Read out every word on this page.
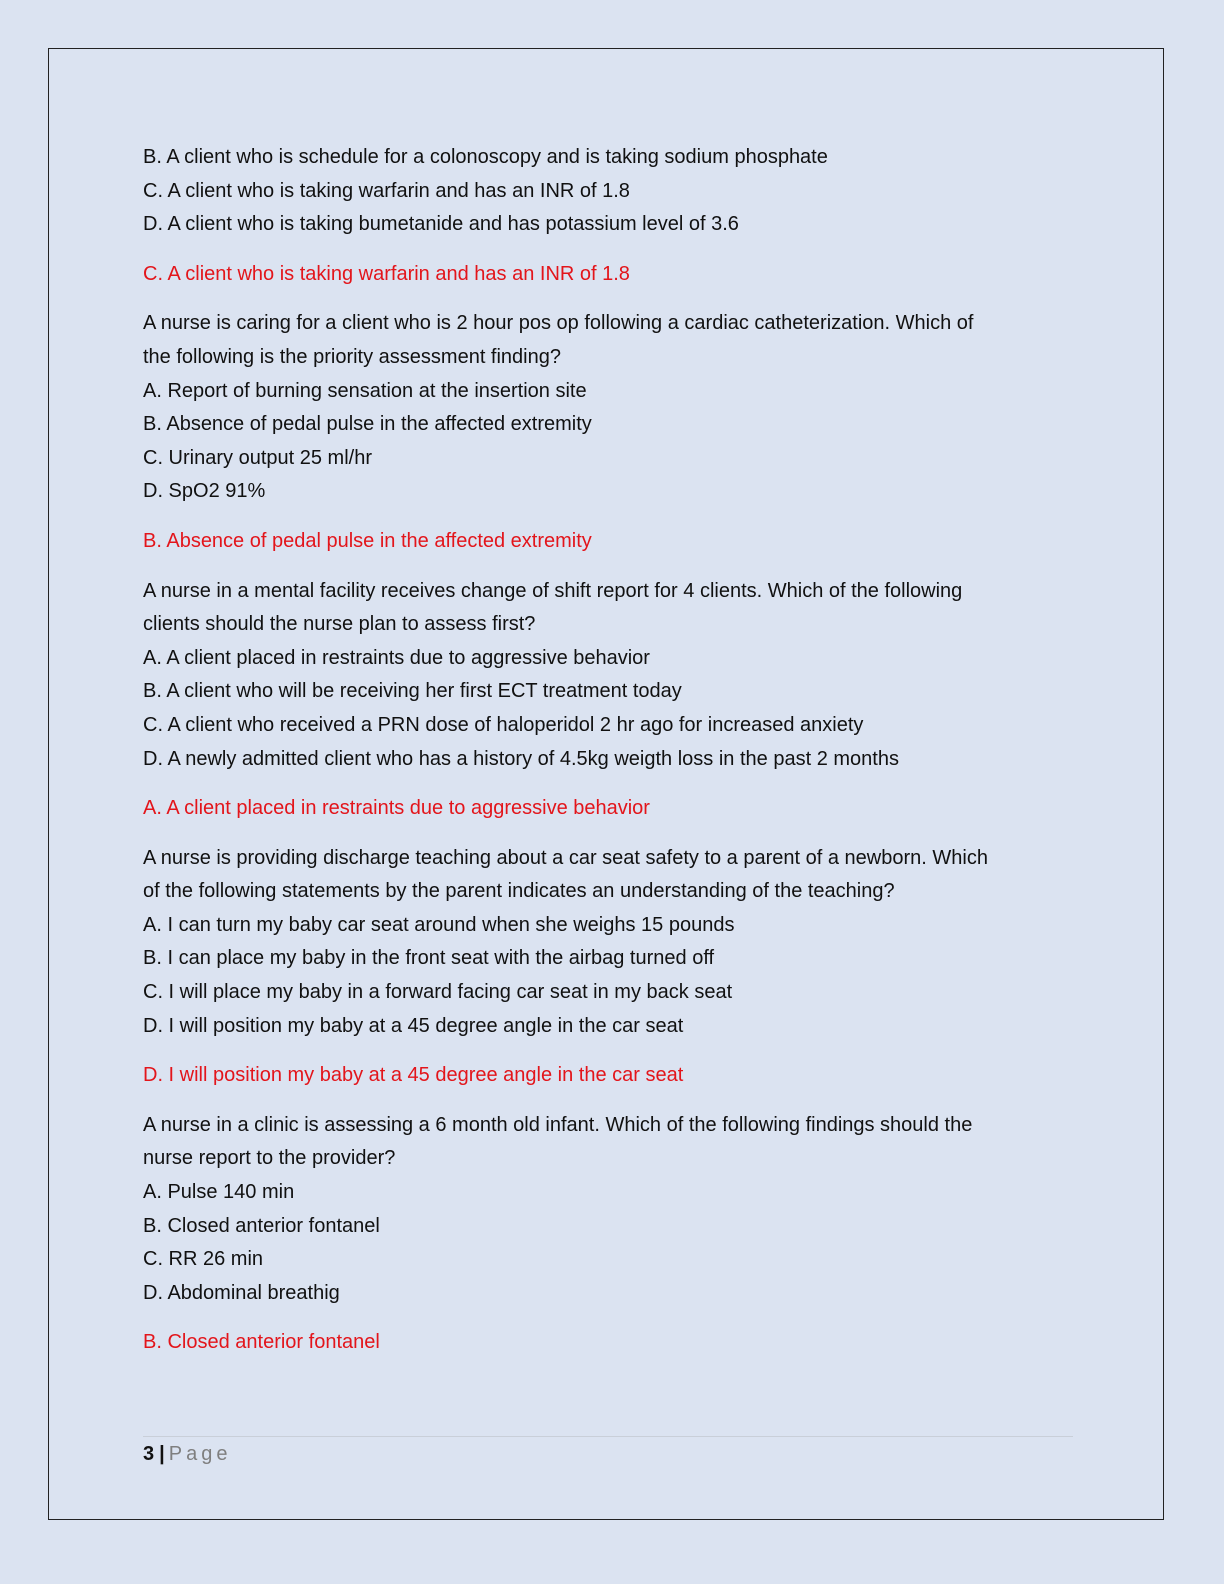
B. A client who is schedule for a colonoscopy and is taking sodium phosphate

C. A client who is taking warfarin and has an INR of 1.8

D. A client who is taking bumetanide and has potassium level of 3.6

C. A client who is taking warfarin and has an INR of 1.8

A nurse is caring for a client who is 2 hour pos op following a cardiac catheterization. Which of

the following is the priority assessment finding?

A. Report of burning sensation at the insertion site

B. Absence of pedal pulse in the affected extremity

C. Urinary output 25 ml/hr

D. SpO2 91%

B. Absence of pedal pulse in the affected extremity

A nurse in a mental facility receives change of shift report for 4 clients. Which of the following

clients should the nurse plan to assess first?

A. A client placed in restraints due to aggressive behavior

B. A client who will be receiving her first ECT treatment today

C. A client who received a PRN dose of haloperidol 2 hr ago for increased anxiety

D. A newly admitted client who has a history of 4.5kg weigth loss in the past 2 months

A. A client placed in restraints due to aggressive behavior

A nurse is providing discharge teaching about a car seat safety to a parent of a newborn. Which

of the following statements by the parent indicates an understanding of the teaching?

A. I can turn my baby car seat around when she weighs 15 pounds

B. I can place my baby in the front seat with the airbag turned off

C. I will place my baby in a forward facing car seat in my back seat

D. I will position my baby at a 45 degree angle in the car seat

D. I will position my baby at a 45 degree angle in the car seat

A nurse in a clinic is assessing a 6 month old infant. Which of the following findings should the

nurse report to the provider?

A. Pulse 140 min

B. Closed anterior fontanel

C. RR 26 min

D. Abdominal breathig

B. Closed anterior fontanel

3 | Page
